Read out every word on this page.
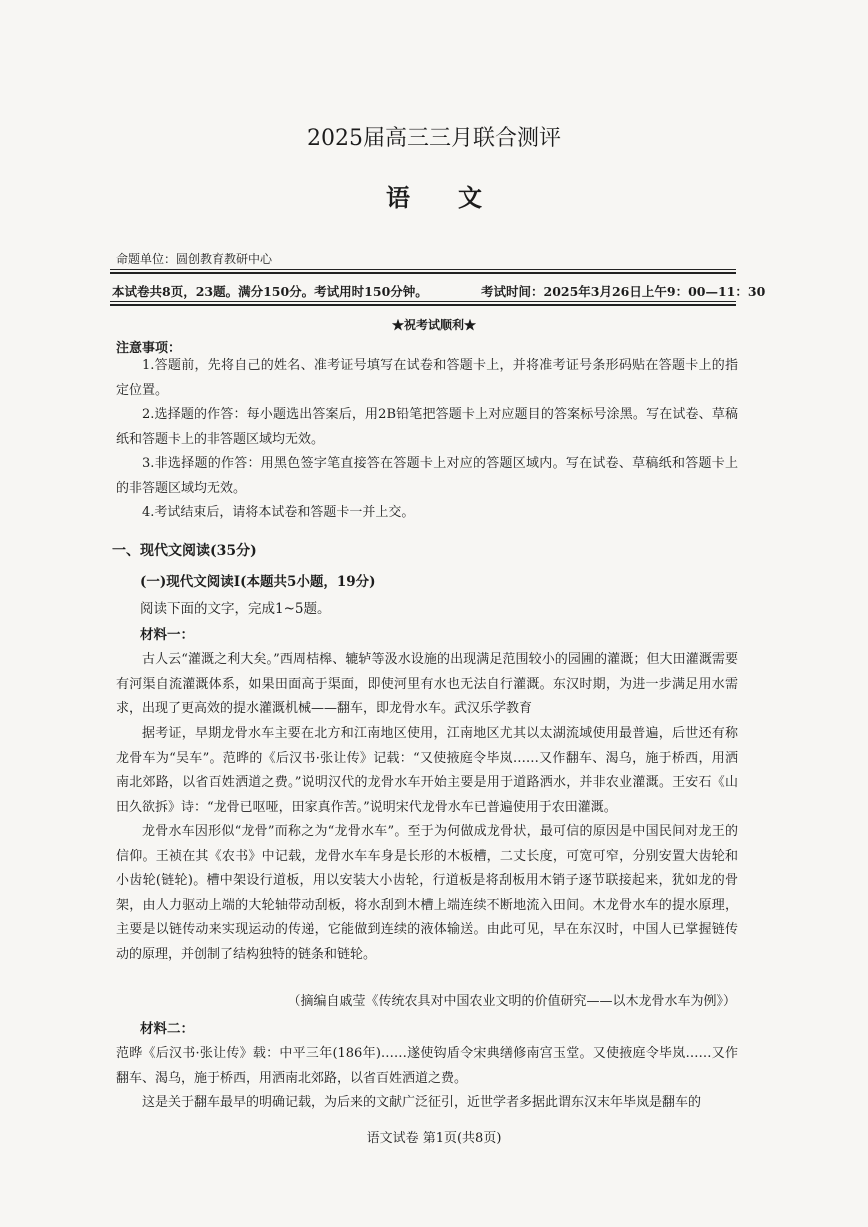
2025届高三三月联合测评
语文
命题单位：圆创教育教研中心
本试卷共8页，23题。满分150分。考试用时150分钟。	考试时间：2025年3月26日上午9：00—11：30
★祝考试顺利★
注意事项：

1.答题前，先将自己的姓名、准考证号填写在试卷和答题卡上，并将准考证号条形码贴在答题卡上的指定位置。

2.选择题的作答：每小题选出答案后，用2B铅笔把答题卡上对应题目的答案标号涂黑。写在试卷、草稿纸和答题卡上的非答题区域均无效。

3.非选择题的作答：用黑色签字笔直接答在答题卡上对应的答题区域内。写在试卷、草稿纸和答题卡上的非答题区域均无效。

4.考试结束后，请将本试卷和答题卡一并上交。

一、现代文阅读(35分)
(一)现代文阅读Ⅰ(本题共5小题，19分)
阅读下面的文字，完成1~5题。
材料一：

古人云“灌溉之利大矣。”西周桔槔、辘轳等汲水设施的出现满足范围较小的园圃的灌溉；但大田灌溉需要有河渠自流灌溉体系，如果田面高于渠面，即使河里有水也无法自行灌溉。东汉时期，为进一步满足用水需求，出现了更高效的提水灌溉机械——翻车，即龙骨水车。武汉乐学教育

据考证，早期龙骨水车主要在北方和江南地区使用，江南地区尤其以太湖流域使用最普遍，后世还有称龙骨车为“吴车”。范晔的《后汉书·张让传》记载：“又使掖庭令毕岚……又作翻车、渴乌，施于桥西，用洒南北郊路，以省百姓洒道之费。”说明汉代的龙骨水车开始主要是用于道路洒水，并非农业灌溉。王安石《山田久欲拆》诗：“龙骨已呕哑，田家真作苦。”说明宋代龙骨水车已普遍使用于农田灌溉。

龙骨水车因形似“龙骨”而称之为“龙骨水车”。至于为何做成龙骨状，最可信的原因是中国民间对龙王的信仰。王祯在其《农书》中记载，龙骨水车车身是长形的木板槽，二丈长度，可宽可窄，分别安置大齿轮和小齿轮(链轮)。槽中架设行道板，用以安装大小齿轮，行道板是将刮板用木销子逐节联接起来，犹如龙的骨架，由人力驱动上端的大轮轴带动刮板，将水刮到木槽上端连续不断地流入田间。木龙骨水车的提水原理，主要是以链传动来实现运动的传递，它能做到连续的液体输送。由此可见，早在东汉时，中国人已掌握链传动的原理，并创制了结构独特的链条和链轮。

（摘编自戚莹《传统农具对中国农业文明的价值研究——以木龙骨水车为例》）
材料二：

范晔《后汉书·张让传》载：中平三年(186年)……遂使钩盾令宋典缮修南宫玉堂。又使掖庭令毕岚……又作翻车、渴乌，施于桥西，用洒南北郊路，以省百姓洒道之费。

这是关于翻车最早的明确记载，为后来的文献广泛征引，近世学者多据此谓东汉末年毕岚是翻车的

语文试卷 第1页(共8页)
